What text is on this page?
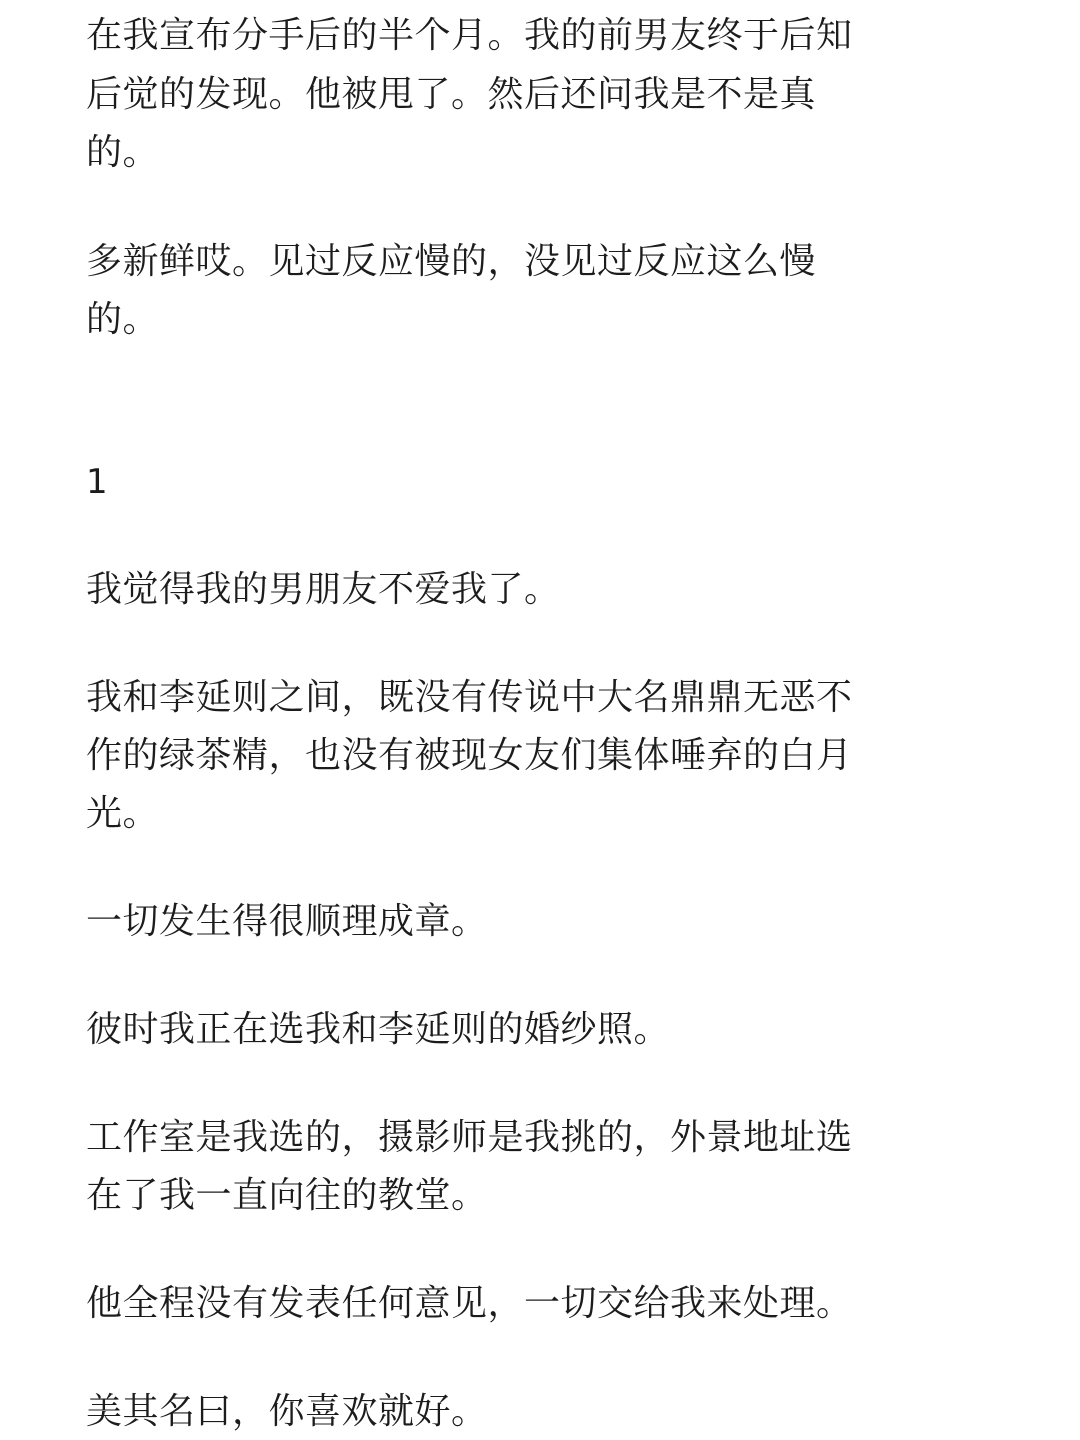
在我宣布分手后的半个月。我的前男友终于后知
后觉的发现。他被甩了。然后还问我是不是真
的。
多新鲜哎。见过反应慢的，没见过反应这么慢
的。
1
我觉得我的男朋友不爱我了。
我和李延则之间，既没有传说中大名鼎鼎无恶不
作的绿茶精，也没有被现女友们集体唾弃的白月
光。
一切发生得很顺理成章。
彼时我正在选我和李延则的婚纱照。
工作室是我选的，摄影师是我挑的，外景地址选
在了我一直向往的教堂。
他全程没有发表任何意见，一切交给我来处理。
美其名曰，你喜欢就好。
